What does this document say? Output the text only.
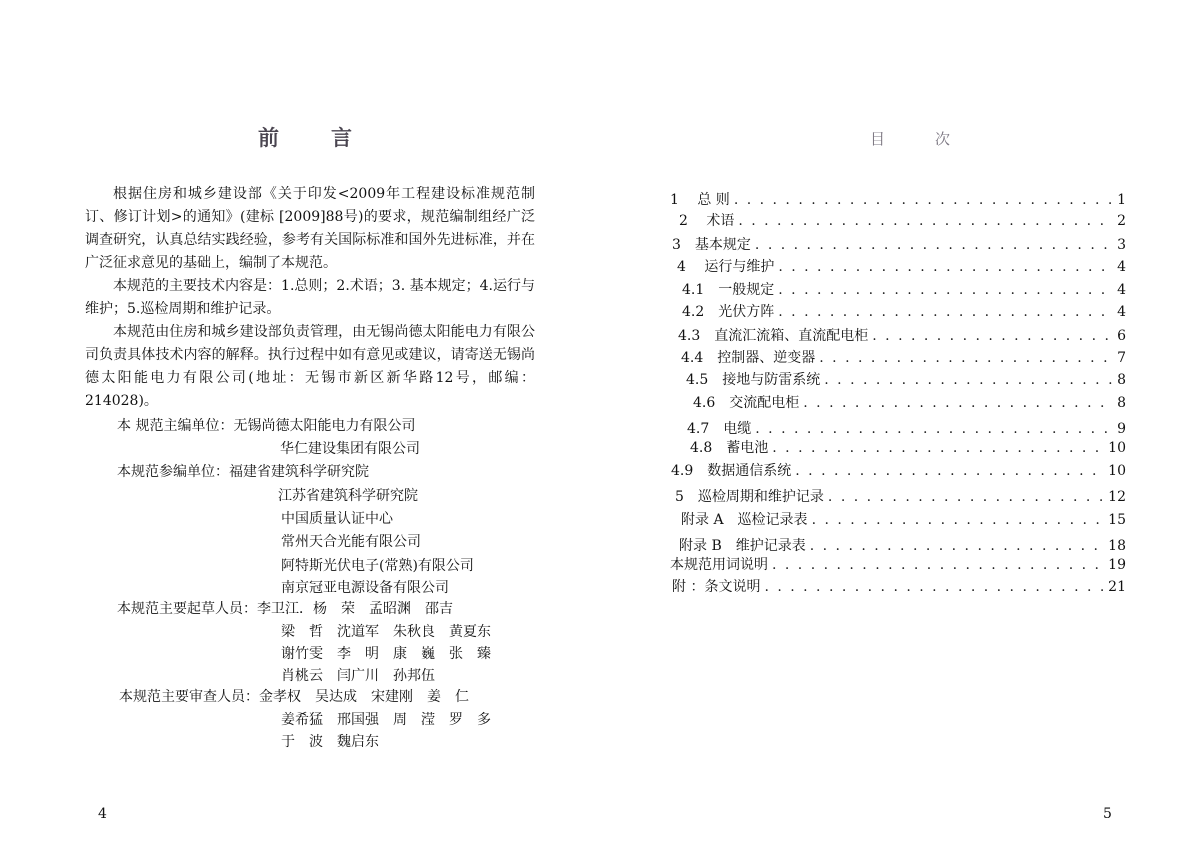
前言

根据住房和城乡建设部《关于印发<2009年工程建设标准规范制订、修订计划>的通知》(建标 [2009]88号)的要求，规范编制组经广泛调查研究，认真总结实践经验，参考有关国际标准和国外先进标准，并在广泛征求意见的基础上，编制了本规范。

本规范的主要技术内容是：1.总则；2.术语；3. 基本规定；4.运行与维护；5.巡检周期和维护记录。

本规范由住房和城乡建设部负责管理，由无锡尚德太阳能电力有限公司负责具体技术内容的解释。执行过程中如有意见或建议，请寄送无锡尚德太阳能电力有限公司(地址：无锡市新区新华路12号，邮编：214028)。

本 规范主编单位：无锡尚德太阳能电力有限公司
华仁建设集团有限公司
本规范参编单位：福建省建筑科学研究院
江苏省建筑科学研究院
中国质量认证中心
常州天合光能有限公司
阿特斯光伏电子(常熟)有限公司
南京冠亚电源设备有限公司
本规范主要起草人员：李卫江．杨　荣　孟昭渊　邵吉
梁　哲　沈道军　朱秋良　黄夏东
谢竹雯　李　明　康　巍　张　臻
肖桃云　闫广川　孙邦伍
本规范主要审查人员：金孝权　吴达成　宋建刚　姜　仁
姜希猛　邢国强　周　滢　罗　多
于　波　魏启东
4
目次
1　 总 则 . . .	1
2　 术语 . . .	2
3　基本规定 . . .	3
4　 运行与维护 . . .	4
4.1　一般规定 . . .	4
4.2　光伏方阵 . . .	4
4.3　直流汇流箱、直流配电柜 . . .	6
4.4　控制器、逆变器 . . .	7
4.5　接地与防雷系统 . . .	8
4.6　交流配电柜 . . .	8
4.7　电缆 . . .	9
4.8　蓄电池 . . .	10
4.9　数据通信系统 . . .	10
5　巡检周期和维护记录 . . .	12
附录 A　巡检记录表 . . .	15
附录 B　维护记录表 . . .	18
本规范用词说明 . . .	19
附 ：条文说明 . . .	21
5
